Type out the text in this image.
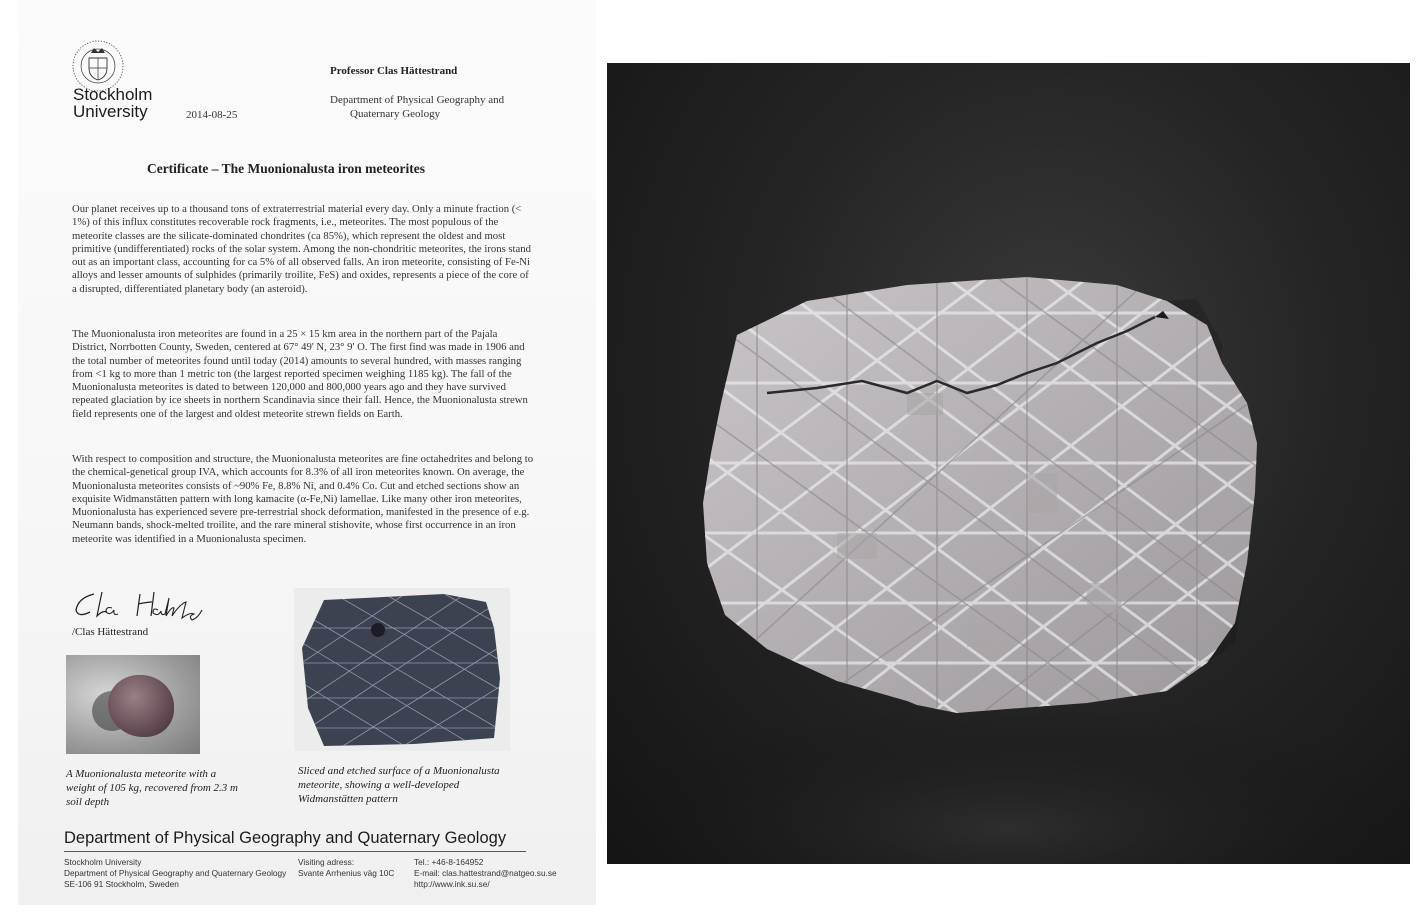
Stockholm University	2014-08-25
Professor Clas Hättestrand
Department of Physical Geography and
Quaternary Geology
Certificate – The Muonionalusta iron meteorites

Our planet receives up to a thousand tons of extraterrestrial material every day. Only a minute fraction (< 1%) of this influx constitutes recoverable rock fragments, i.e., meteorites. The most populous of the meteorite classes are the silicate-dominated chondrites (ca 85%), which represent the oldest and most primitive (undifferentiated) rocks of the solar system. Among the non-chondritic meteorites, the irons stand out as an important class, accounting for ca 5% of all observed falls. An iron meteorite, consisting of Fe-Ni alloys and lesser amounts of sulphides (primarily troilite, FeS) and oxides, represents a piece of the core of a disrupted, differentiated planetary body (an asteroid).

The Muonionalusta iron meteorites are found in a 25 × 15 km area in the northern part of the Pajala District, Norrbotten County, Sweden, centered at 67° 49' N, 23° 9' O. The first find was made in 1906 and the total number of meteorites found until today (2014) amounts to several hundred, with masses ranging from <1 kg to more than 1 metric ton (the largest reported specimen weighing 1185 kg). The fall of the Muonionalusta meteorites is dated to between 120,000 and 800,000 years ago and they have survived repeated glaciation by ice sheets in northern Scandinavia since their fall. Hence, the Muonionalusta strewn field represents one of the largest and oldest meteorite strewn fields on Earth.

With respect to composition and structure, the Muonionalusta meteorites are fine octahedrites and belong to the chemical-genetical group IVA, which accounts for 8.3% of all iron meteorites known. On average, the Muonionalusta meteorites consists of ~90% Fe, 8.8% Ni, and 0.4% Co. Cut and etched sections show an exquisite Widmanstätten pattern with long kamacite (α-Fe,Ni) lamellae. Like many other iron meteorites, Muonionalusta has experienced severe pre-terrestrial shock deformation, manifested in the presence of e.g. Neumann bands, shock-melted troilite, and the rare mineral stishovite, whose first occurrence in an iron meteorite was identified in a Muonionalusta specimen.

/Clas Hättestrand

A Muonionalusta meteorite with a weight of 105 kg, recovered from 2.3 m soil depth

Sliced and etched surface of a Muonionalusta meteorite, showing a well-developed Widmanstätten pattern

Department of Physical Geography and Quaternary Geology
Stockholm University
Department of Physical Geography and Quaternary Geology
SE-106 91 Stockholm, Sweden
Visiting adress:
Svante Arrhenius väg 10C
Tel.: +46-8-164952
E-mail: clas.hattestrand@natgeo.su.se
http://www.ink.su.se/
